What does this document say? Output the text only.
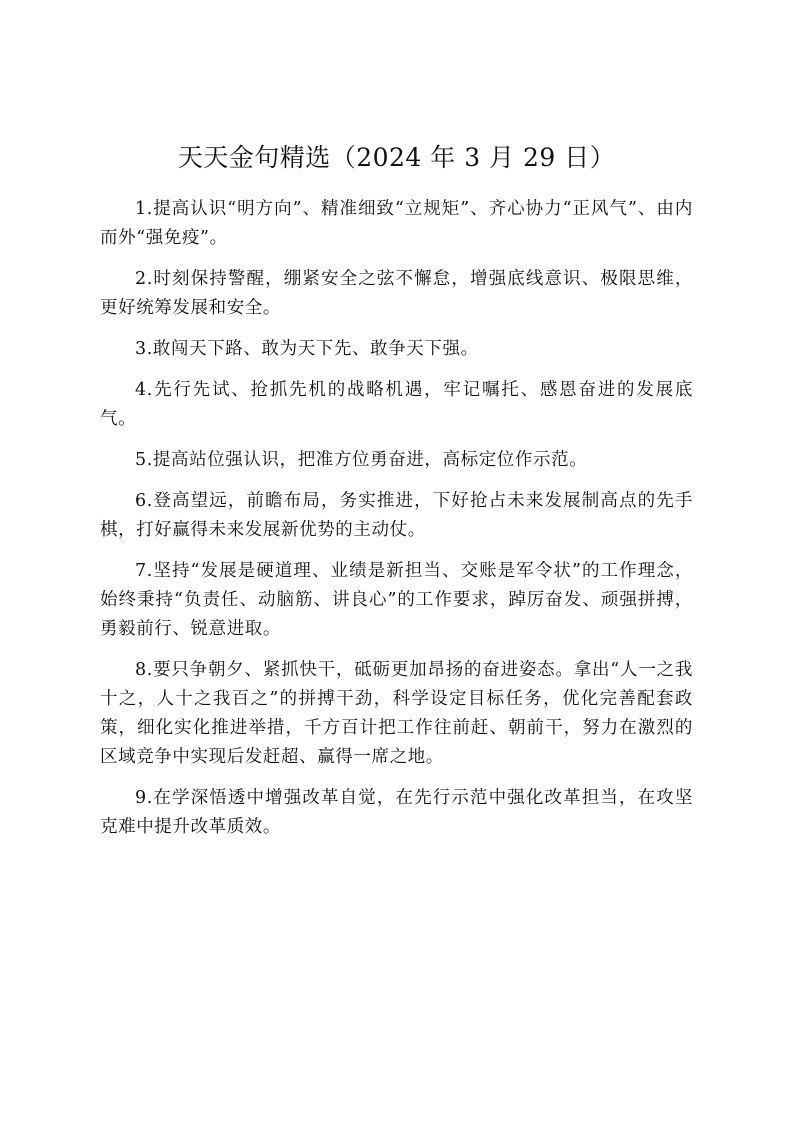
天天金句精选（2024 年 3 月 29 日）

1.提高认识“明方向”、精准细致“立规矩”、齐心协力“正风气”、由内而外“强免疫”。

2.时刻保持警醒，绷紧安全之弦不懈怠，增强底线意识、极限思维，更好统筹发展和安全。

3.敢闯天下路、敢为天下先、敢争天下强。

4.先行先试、抢抓先机的战略机遇，牢记嘱托、感恩奋进的发展底气。

5.提高站位强认识，把准方位勇奋进，高标定位作示范。

6.登高望远，前瞻布局，务实推进，下好抢占未来发展制高点的先手棋，打好赢得未来发展新优势的主动仗。

7.坚持“发展是硬道理、业绩是新担当、交账是军令状”的工作理念，始终秉持“负责任、动脑筋、讲良心”的工作要求，踔厉奋发、顽强拼搏，勇毅前行、锐意进取。

8.要只争朝夕、紧抓快干，砥砺更加昂扬的奋进姿态。拿出“人一之我十之，人十之我百之”的拼搏干劲，科学设定目标任务，优化完善配套政策，细化实化推进举措，千方百计把工作往前赶、朝前干，努力在激烈的区域竞争中实现后发赶超、赢得一席之地。

9.在学深悟透中增强改革自觉，在先行示范中强化改革担当，在攻坚克难中提升改革质效。
